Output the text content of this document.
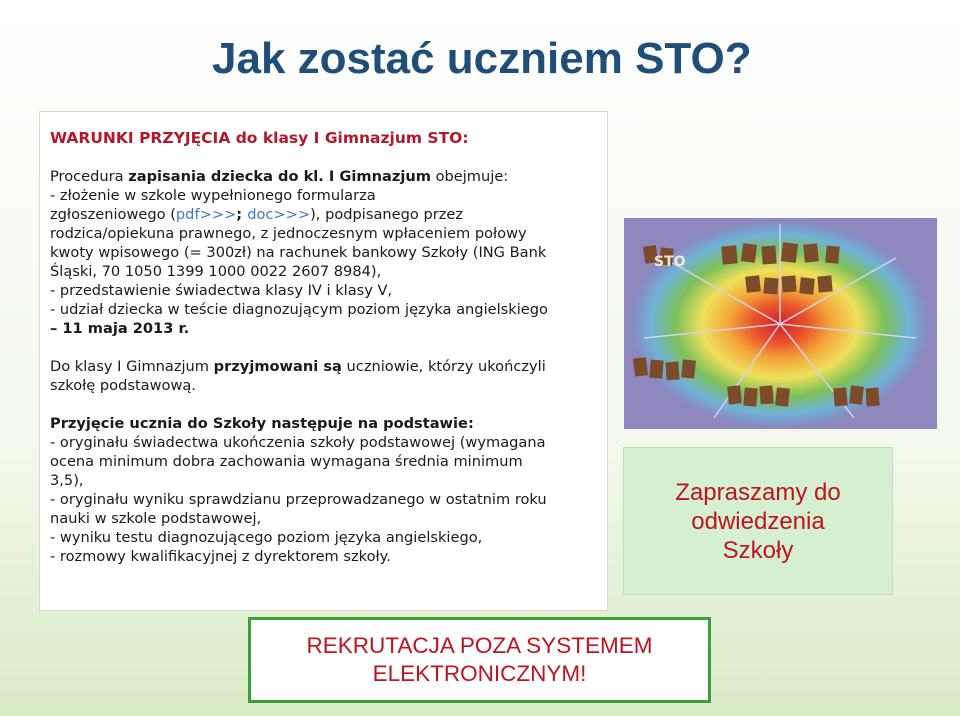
Jak zostać uczniem STO?
WARUNKI PRZYJĘCIA do klasy I Gimnazjum STO:

Procedura zapisania dziecka do kl. I Gimnazjum obejmuje:

- złożenie w szkole wypełnionego formularza

zgłoszeniowego (pdf>>>; doc>>>), podpisanego przez

rodzica/opiekuna prawnego, z jednoczesnym wpłaceniem połowy

kwoty wpisowego (= 300zł) na rachunek bankowy Szkoły (ING Bank

Śląski, 70 1050 1399 1000 0022 2607 8984),

- przedstawienie świadectwa klasy IV i klasy V,

- udział dziecka w teście diagnozującym poziom języka angielskiego

– 11 maja 2013 r.

Do klasy I Gimnazjum przyjmowani są uczniowie, którzy ukończyli

szkołę podstawową.

Przyjęcie ucznia do Szkoły następuje na podstawie:

- oryginału świadectwa ukończenia szkoły podstawowej (wymagana

ocena minimum dobra zachowania wymagana średnia minimum

3,5),

- oryginału wyniku sprawdzianu przeprowadzanego w ostatnim roku

nauki w szkole podstawowej,

- wyniku testu diagnozującego poziom języka angielskiego,

- rozmowy kwalifikacyjnej z dyrektorem szkoły.

STO
Zapraszamy do
odwiedzenia
Szkoły
REKRUTACJA POZA SYSTEMEM
ELEKTRONICZNYM!
